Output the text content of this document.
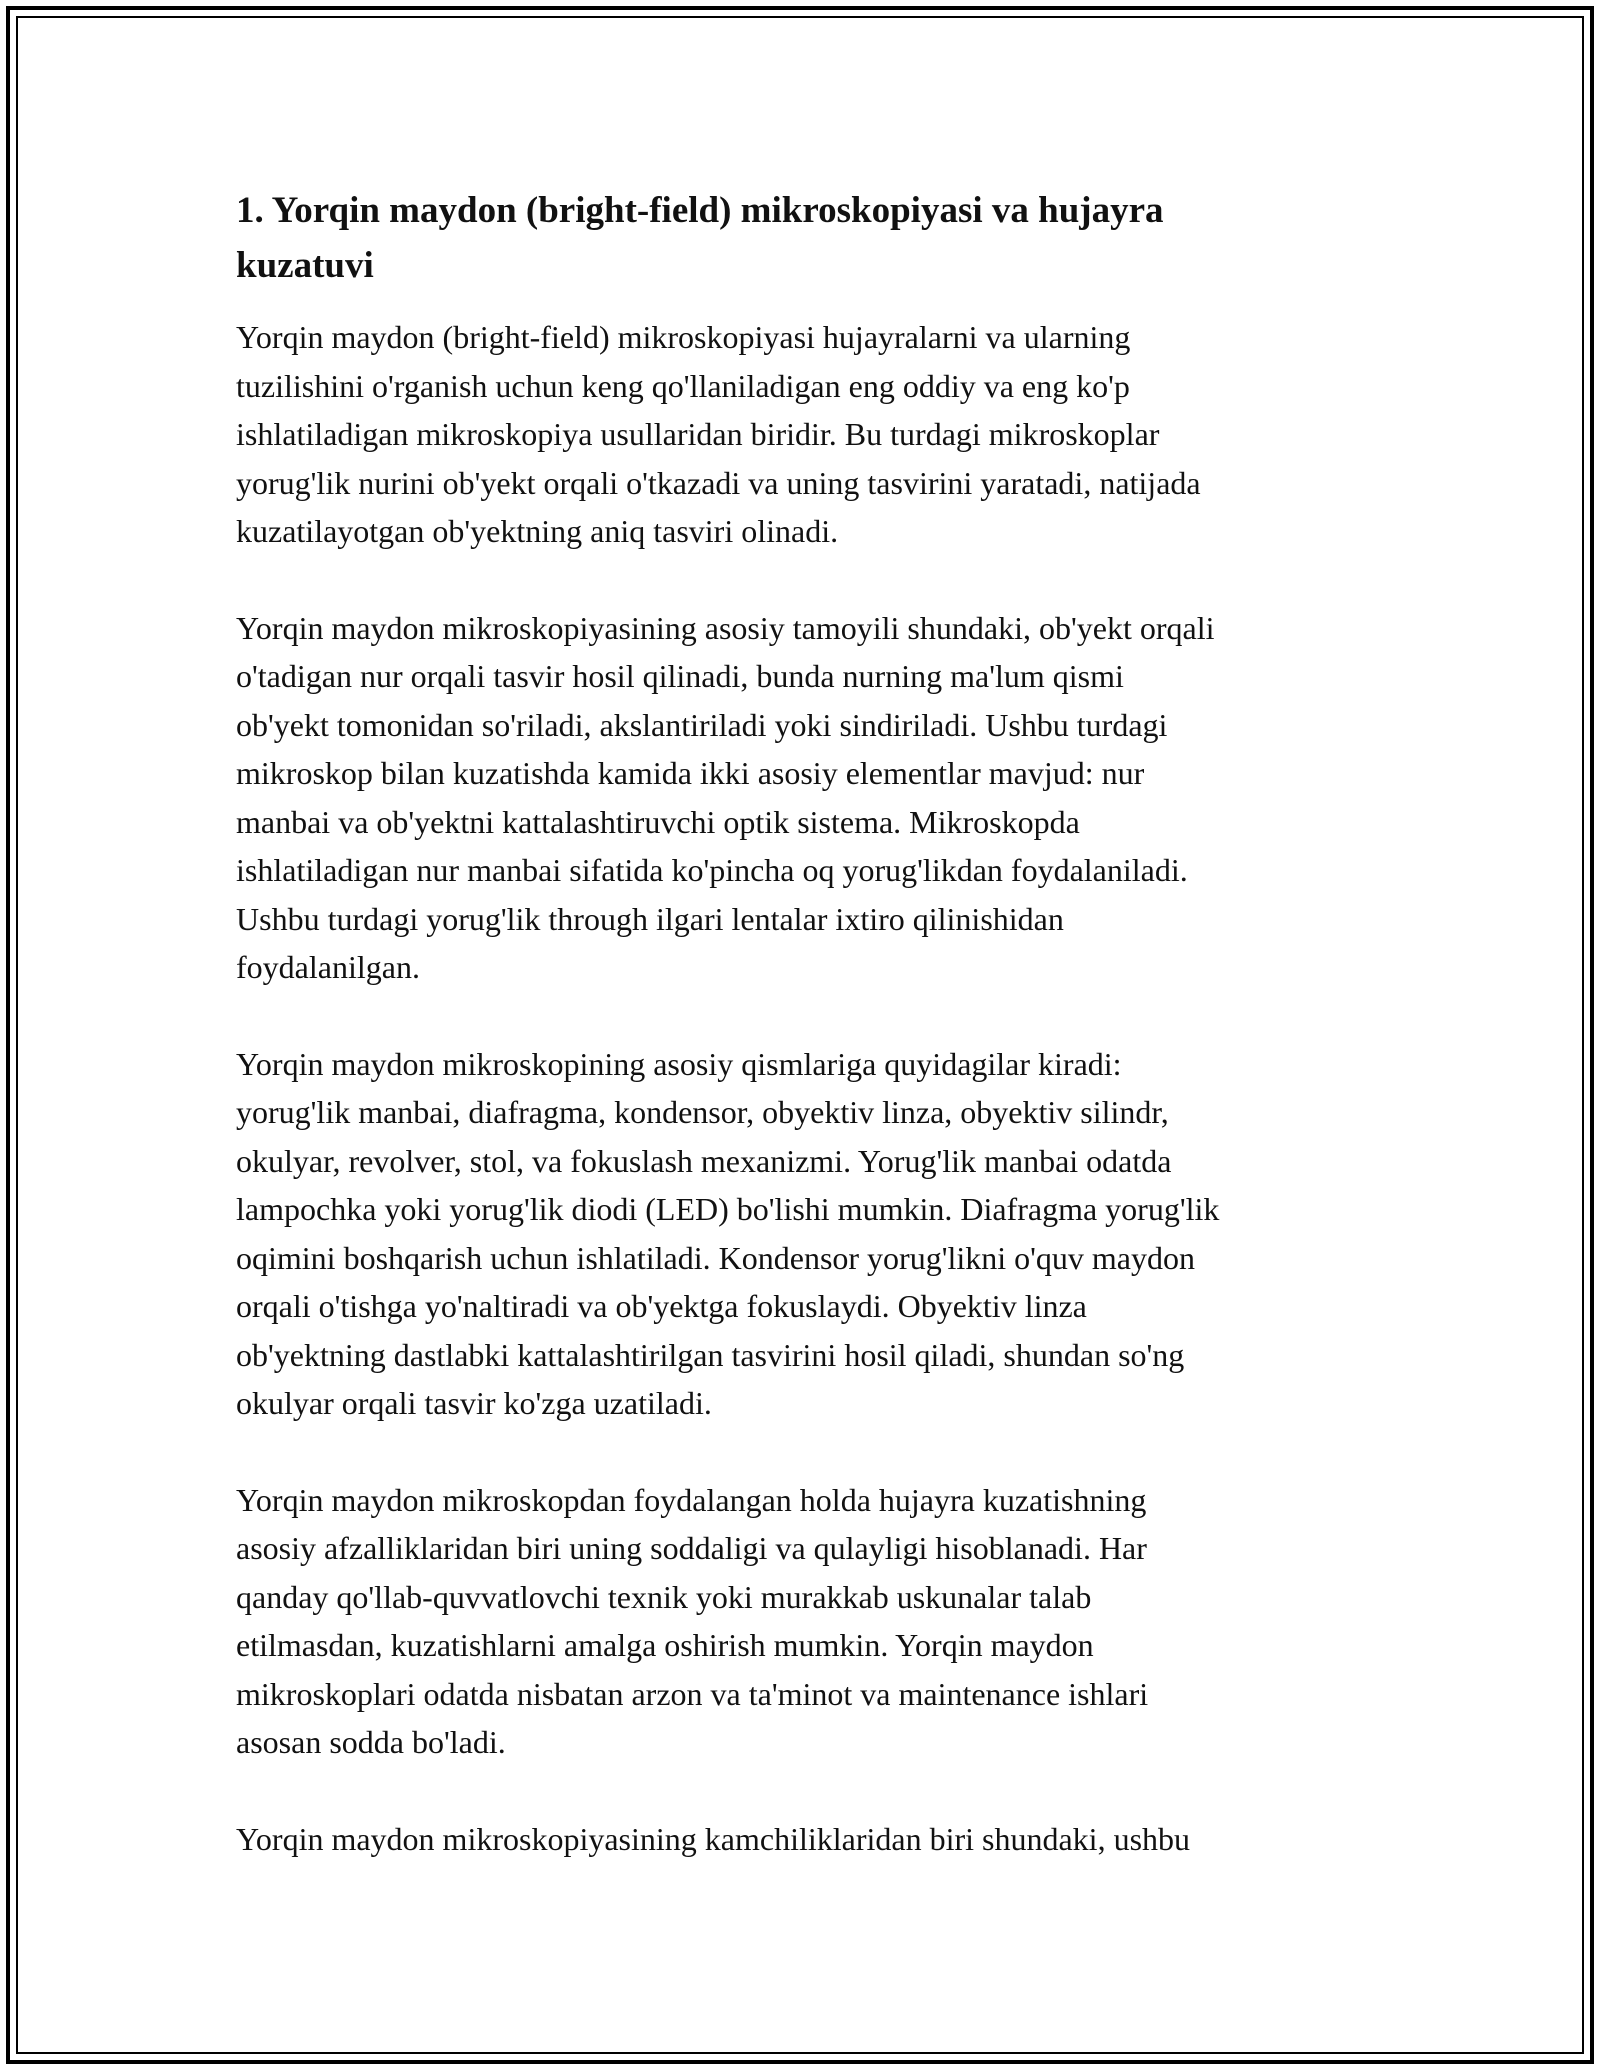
1. Yorqin maydon (bright-field) mikroskopiyasi va hujayra
kuzatuvi

Yorqin maydon (bright-field) mikroskopiyasi hujayralarni va ularning
tuzilishini o'rganish uchun keng qo'llaniladigan eng oddiy va eng ko'p
ishlatiladigan mikroskopiya usullaridan biridir. Bu turdagi mikroskoplar
yorug'lik nurini ob'yekt orqali o'tkazadi va uning tasvirini yaratadi, natijada
kuzatilayotgan ob'yektning aniq tasviri olinadi.

Yorqin maydon mikroskopiyasining asosiy tamoyili shundaki, ob'yekt orqali
o'tadigan nur orqali tasvir hosil qilinadi, bunda nurning ma'lum qismi
ob'yekt tomonidan so'riladi, akslantiriladi yoki sindiriladi. Ushbu turdagi
mikroskop bilan kuzatishda kamida ikki asosiy elementlar mavjud: nur
manbai va ob'yektni kattalashtiruvchi optik sistema. Mikroskopda
ishlatiladigan nur manbai sifatida ko'pincha oq yorug'likdan foydalaniladi.
Ushbu turdagi yorug'lik through ilgari lentalar ixtiro qilinishidan
foydalanilgan.

Yorqin maydon mikroskopining asosiy qismlariga quyidagilar kiradi:
yorug'lik manbai, diafragma, kondensor, obyektiv linza, obyektiv silindr,
okulyar, revolver, stol, va fokuslash mexanizmi. Yorug'lik manbai odatda
lampochka yoki yorug'lik diodi (LED) bo'lishi mumkin. Diafragma yorug'lik
oqimini boshqarish uchun ishlatiladi. Kondensor yorug'likni o'quv maydon
orqali o'tishga yo'naltiradi va ob'yektga fokuslaydi. Obyektiv linza
ob'yektning dastlabki kattalashtirilgan tasvirini hosil qiladi, shundan so'ng
okulyar orqali tasvir ko'zga uzatiladi.

Yorqin maydon mikroskopdan foydalangan holda hujayra kuzatishning
asosiy afzalliklaridan biri uning soddaligi va qulayligi hisoblanadi. Har
qanday qo'llab-quvvatlovchi texnik yoki murakkab uskunalar talab
etilmasdan, kuzatishlarni amalga oshirish mumkin. Yorqin maydon
mikroskoplari odatda nisbatan arzon va ta'minot va maintenance ishlari
asosan sodda bo'ladi.

Yorqin maydon mikroskopiyasining kamchiliklaridan biri shundaki, ushbu
